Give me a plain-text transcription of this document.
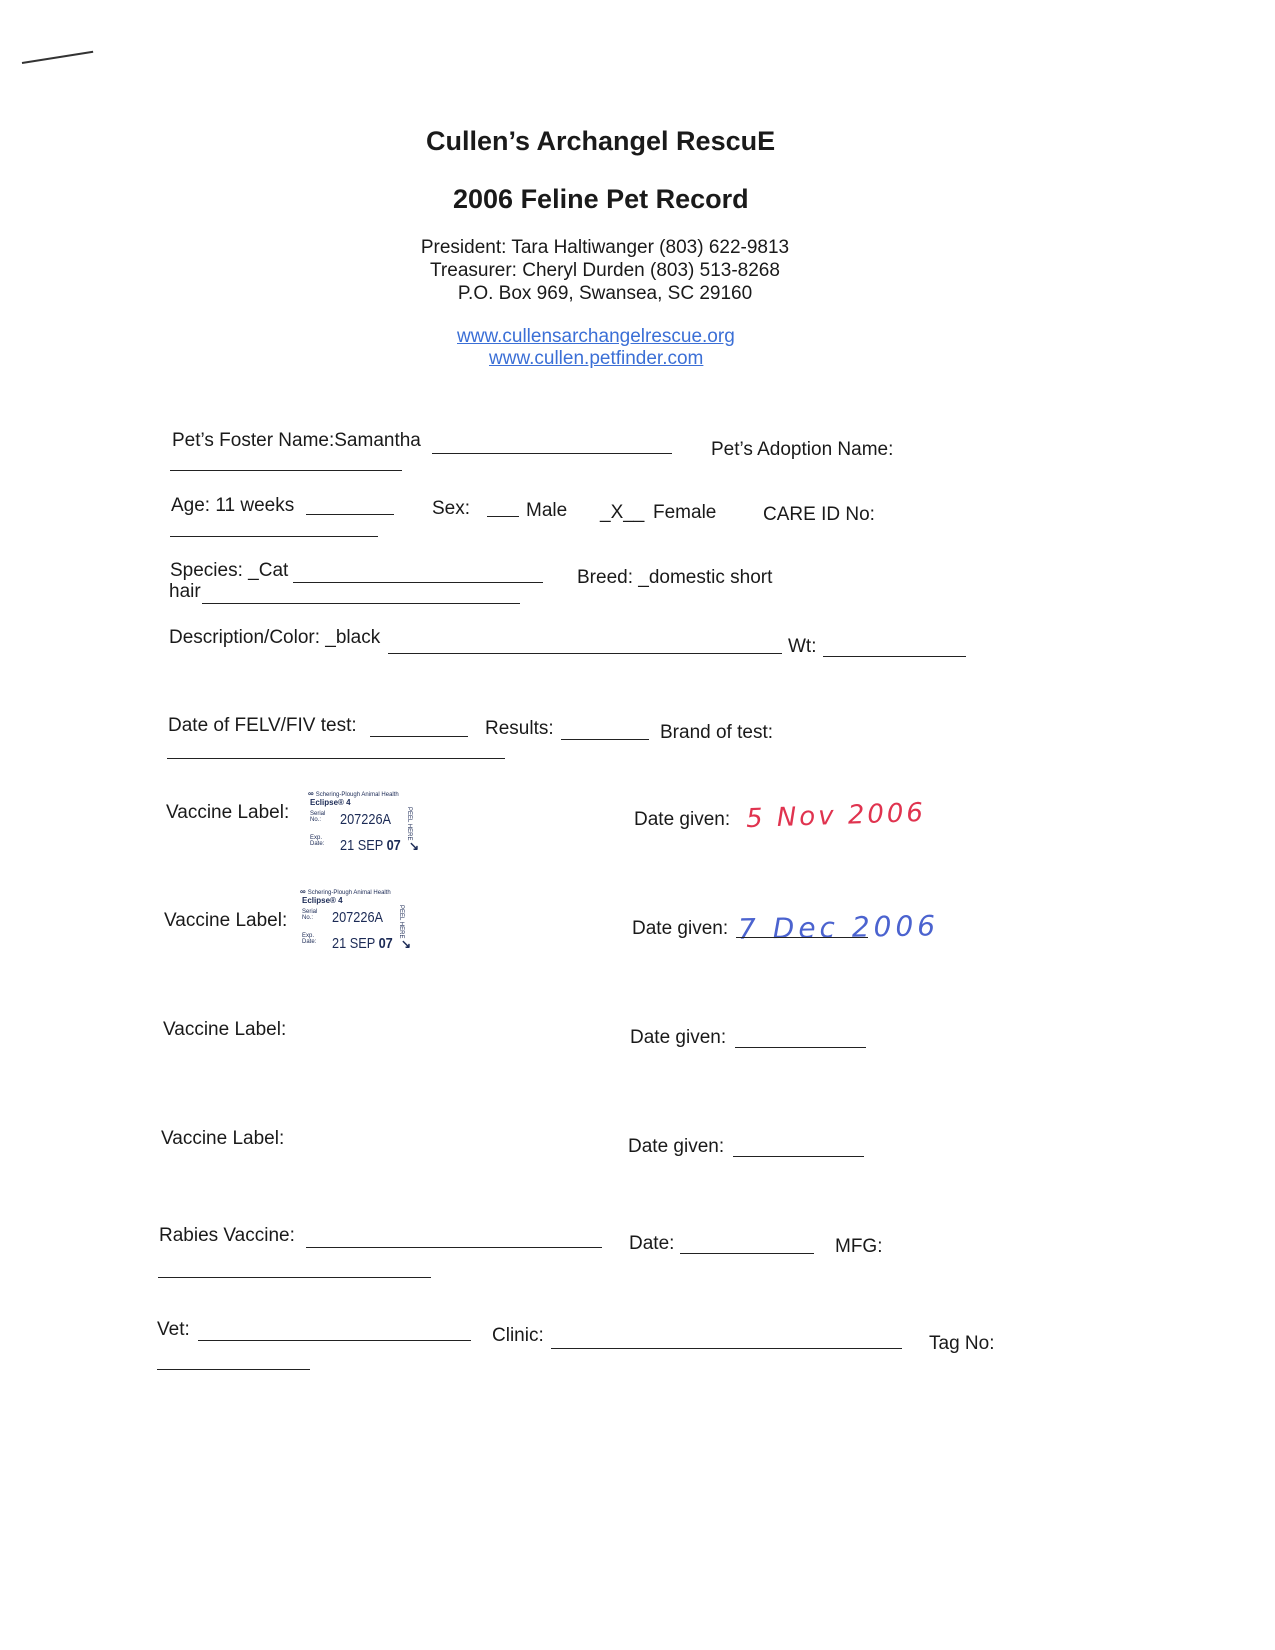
Cullen’s Archangel RescuE
2006 Feline Pet Record
President: Tara Haltiwanger (803) 622-9813
Treasurer: Cheryl Durden (803) 513-8268
P.O. Box 969, Swansea, SC 29160
www.cullensarchangelrescue.org
www.cullen.petfinder.com
Pet’s Foster Name:Samantha	Pet’s Adoption Name:
Age: 11 weeks	Sex:	Male _X__ Female CARE ID No:
Species: _Cat	Breed: _domestic short
hair
Description/Color: _black	Wt:
Date of FELV/FIV test:	Results:	Brand of test:
Vaccine Label:
∞ Schering-Plough Animal Health
Eclipse® 4
Serial No.:	207226A
Exp. Date: 21 SEP 07
PEEL HERE
↘
Date given: 5 Nov 2006
Vaccine Label:
∞ Schering-Plough Animal Health
Eclipse® 4
Serial No.:	207226A
Exp. Date: 21 SEP 07
PEEL HERE
↘
Date given: 7 Dec 2006
Vaccine Label:	Date given:
Vaccine Label:	Date given:
Rabies Vaccine:	Date:	MFG:
Vet:	Clinic:	Tag No:
